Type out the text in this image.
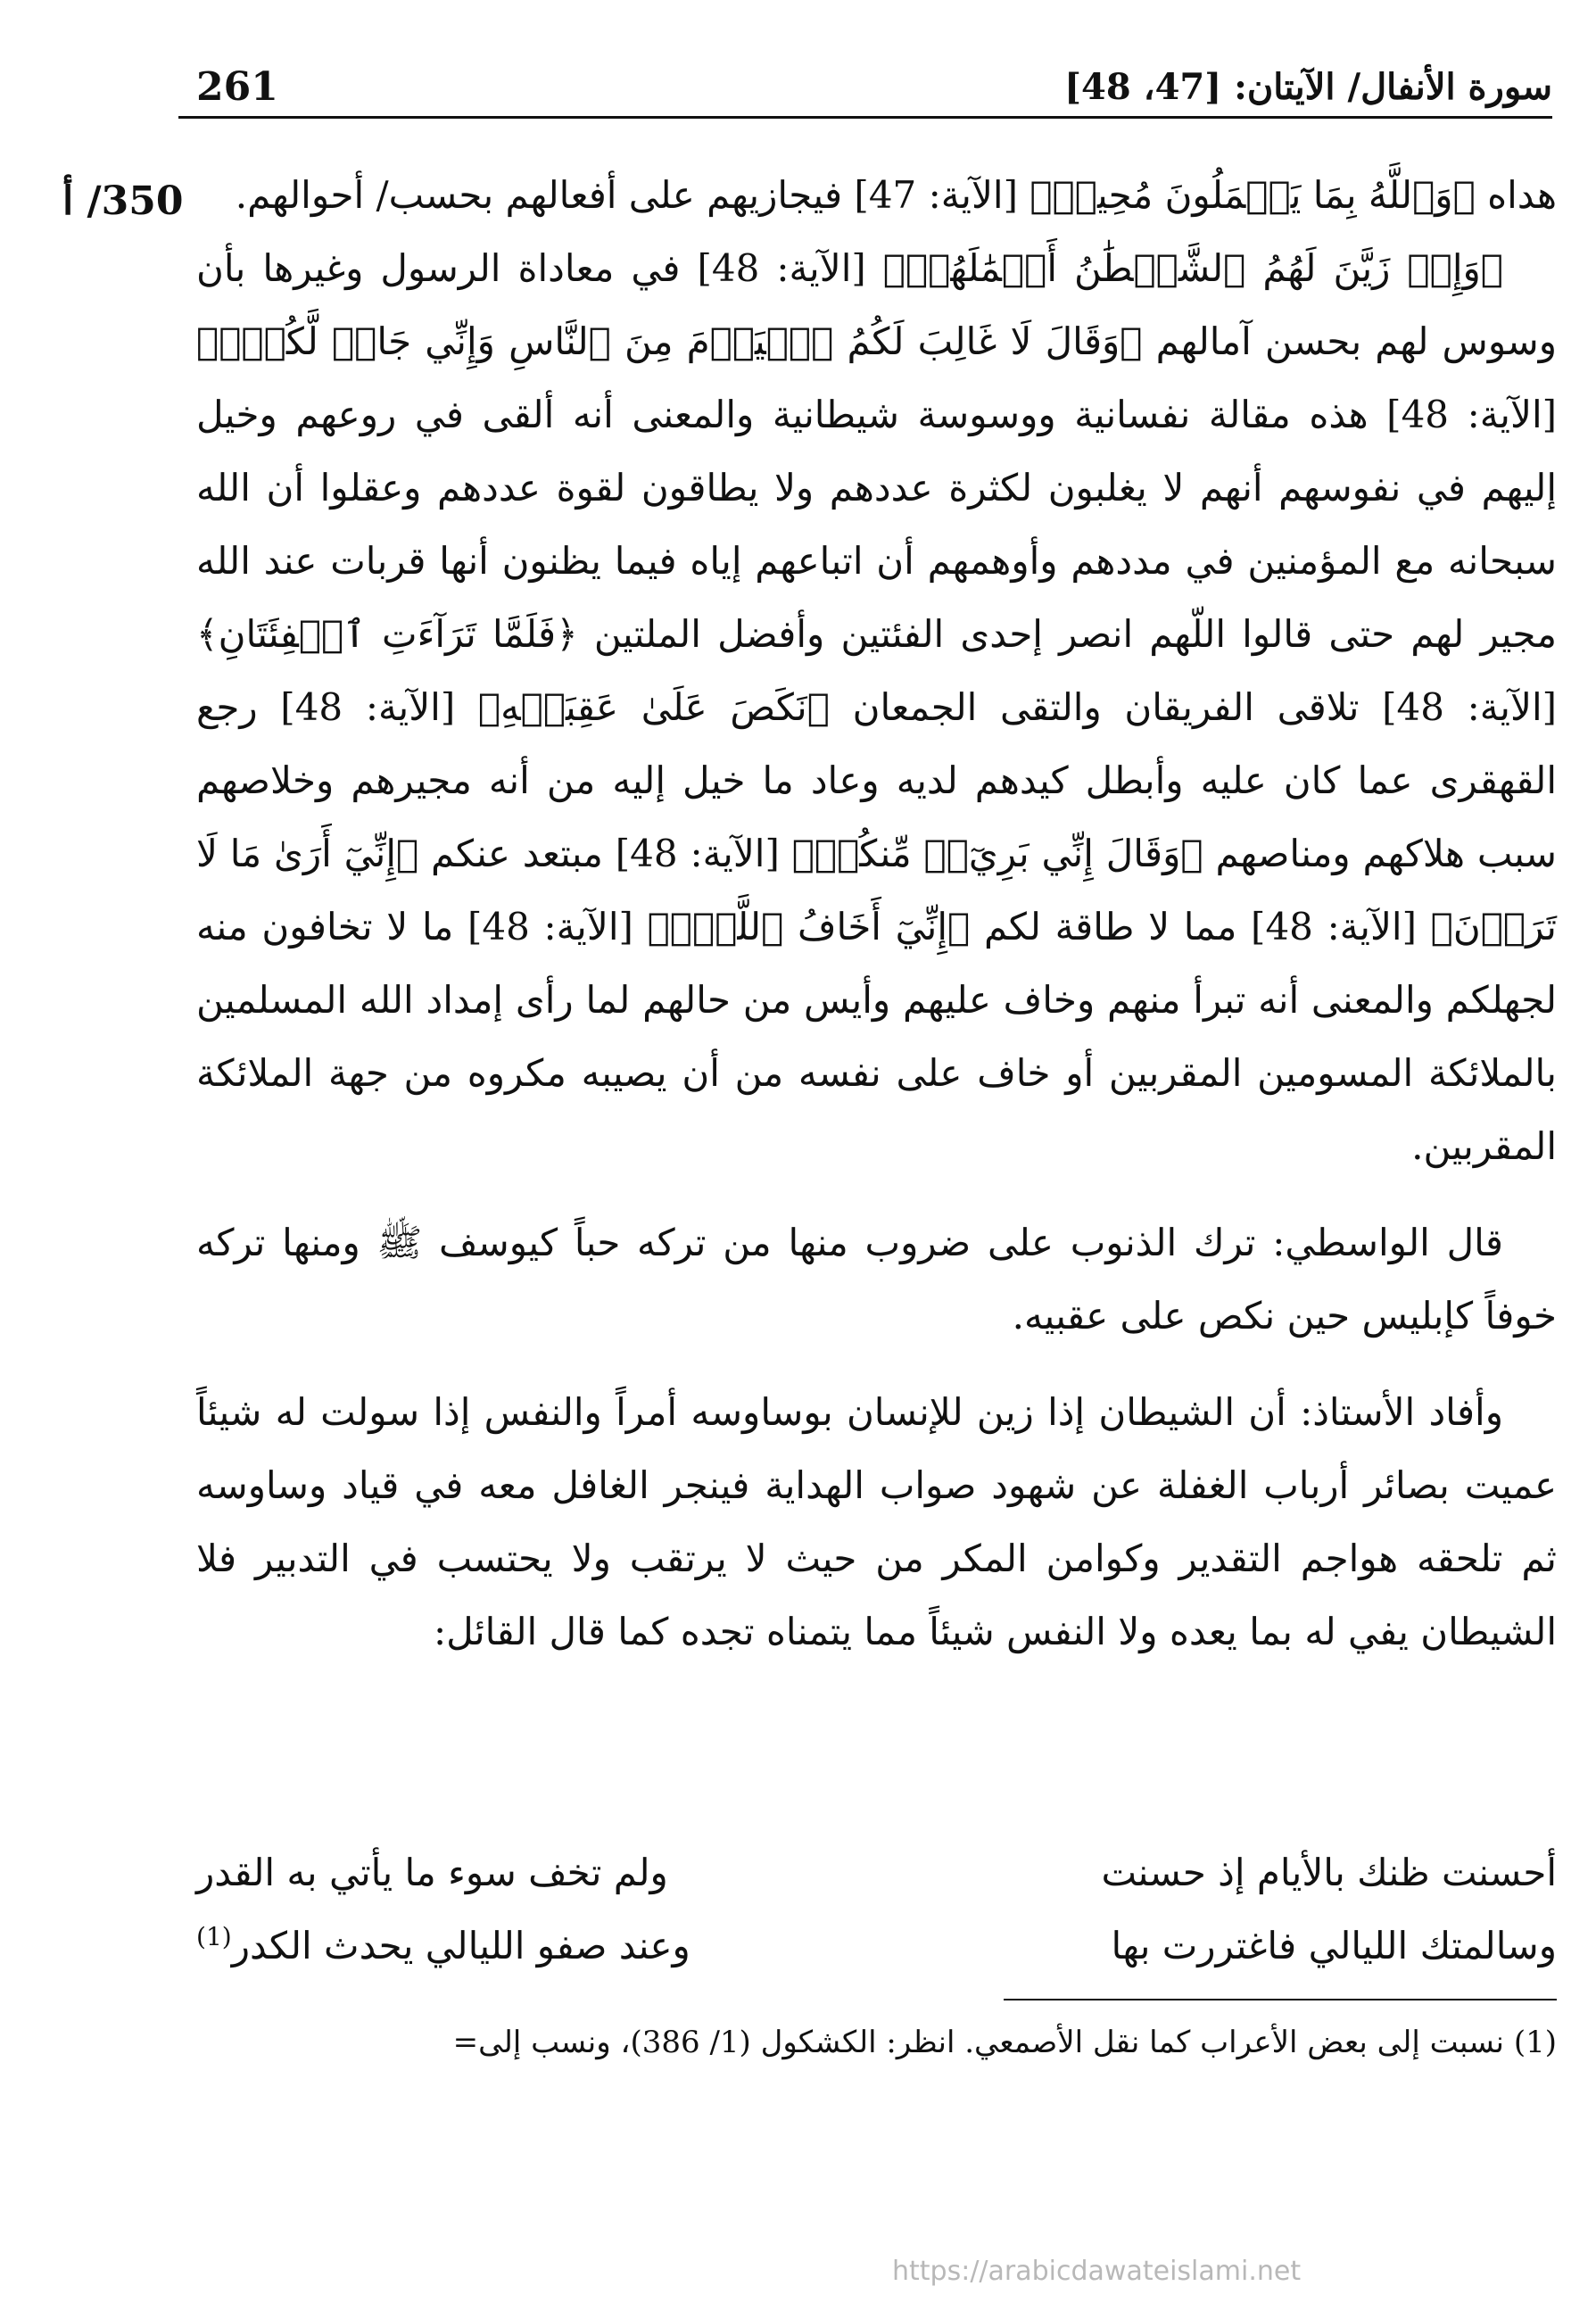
261	سورة الأنفال/ الآيتان: [47، 48]
350/ أ	هداه ﴿وَٱللَّهُ بِمَا يَعۡمَلُونَ مُحِيطٞ﴾ [الآية: 47] فيجازيهم على أفعالهم بحسب/ أحوالهم.

﴿وَإِذۡ زَيَّنَ لَهُمُ ٱلشَّيۡطَٰنُ أَعۡمَٰلَهُمۡ﴾ [الآية: 48] في معاداة الرسول وغيرها بأن وسوس لهم بحسن آمالهم ﴿وَقَالَ لَا غَالِبَ لَكُمُ ٱلۡيَوۡمَ مِنَ ٱلنَّاسِ وَإِنِّي جَارٞ لَّكُمۡۖ﴾ [الآية: 48] هذه مقالة نفسانية ووسوسة شيطانية والمعنى أنه ألقى في روعهم وخيل إليهم في نفوسهم أنهم لا يغلبون لكثرة عددهم ولا يطاقون لقوة عددهم وعقلوا أن الله سبحانه مع المؤمنين في مددهم وأوهمهم أن اتباعهم إياه فيما يظنون أنها قربات عند الله مجير لهم حتى قالوا اللّهم انصر إحدى الفئتين وأفضل الملتين ﴿فَلَمَّا تَرَآءَتِ ٱلۡفِئَتَانِ﴾ [الآية: 48] تلاقى الفريقان والتقى الجمعان ﴿نَكَصَ عَلَىٰ عَقِبَيۡهِ﴾ [الآية: 48] رجع القهقرى عما كان عليه وأبطل كيدهم لديه وعاد ما خيل إليه من أنه مجيرهم وخلاصهم سبب هلاكهم ومناصهم ﴿وَقَالَ إِنِّي بَرِيٓءٞ مِّنكُمۡ﴾ [الآية: 48] مبتعد عنكم ﴿إِنِّيٓ أَرَىٰ مَا لَا تَرَوۡنَ﴾ [الآية: 48] مما لا طاقة لكم ﴿إِنِّيٓ أَخَافُ ٱللَّهَۚ﴾ [الآية: 48] ما لا تخافون منه لجهلكم والمعنى أنه تبرأ منهم وخاف عليهم وأيس من حالهم لما رأى إمداد الله المسلمين بالملائكة المسومين المقربين أو خاف على نفسه من أن يصيبه مكروه من جهة الملائكة المقربين.

قال الواسطي: ترك الذنوب على ضروب منها من تركه حباً كيوسف ﷺ ومنها تركه خوفاً كإبليس حين نكص على عقبيه.

وأفاد الأستاذ: أن الشيطان إذا زين للإنسان بوساوسه أمراً والنفس إذا سولت له شيئاً عميت بصائر أرباب الغفلة عن شهود صواب الهداية فينجر الغافل معه في قياد وساوسه ثم تلحقه هواجم التقدير وكوامن المكر من حيث لا يرتقب ولا يحتسب في التدبير فلا الشيطان يفي له بما يعده ولا النفس شيئاً مما يتمناه تجده كما قال القائل:

أحسنت ظنك بالأيام إذ حسنت
ولم تخف سوء ما يأتي به القدر
وسالمتك الليالي فاغتررت بها
وعند صفو الليالي يحدث الكدر$^{(1)}$
(1) نسبت إلى بعض الأعراب كما نقل الأصمعي. انظر: الكشكول (1/ 386)، ونسب إلى=
https://arabicdawateislami.net
